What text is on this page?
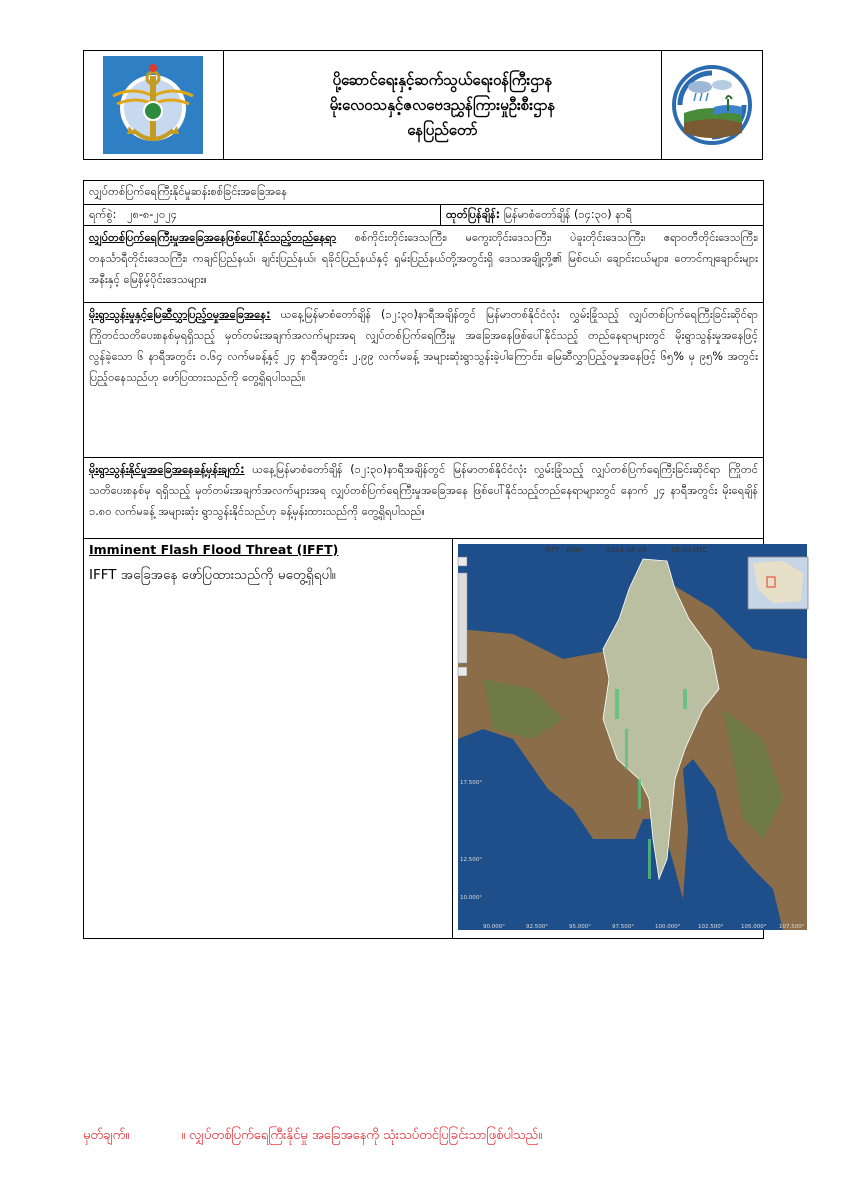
ပို့ဆောင်ရေးနှင့်ဆက်သွယ်ရေးဝန်ကြီးဌာန
မိုးလေဝသနှင့်ဇလဗေဒညွှန်ကြားမှုဦးစီးဌာန
နေပြည်တော်
လျှပ်တစ်ပြက်ရေကြီးနိုင်မှုဆန်းစစ်ခြင်းအခြေအနေ
ရက်စွဲ: ၂၈-၈-၂၀၂၄	ထုတ်ပြန်ချိန်: မြန်မာစံတော်ချိန် (၁၄:၃၀) နာရီ
လျှပ်တစ်ပြက်ရေကြီးမှုအခြေအနေဖြစ်ပေါ်နိုင်သည့်တည်နေရာ စစ်ကိုင်းတိုင်းဒေသကြီး၊ မကွေးတိုင်းဒေသကြီး၊ ပဲခူးတိုင်းဒေသကြီး၊ ဧရာဝတီတိုင်းဒေသကြီး၊ တနင်္သာရီတိုင်းဒေသကြီး၊ ကချင်ပြည်နယ်၊ ချင်းပြည်နယ်၊ ရခိုင်ပြည်နယ်နှင့် ရှမ်းပြည်နယ်တို့အတွင်းရှိ ဒေသအချို့တို့၏ မြစ်ငယ်၊ ချောင်းငယ်များ၊ တောင်ကျချောင်းများအနီးနှင့် မြေနိမ့်ပိုင်းဒေသများ။
မိုးရွာသွန်းမှုနှင့်မြေဆီလွှာပြည့်ဝမှုအခြေအနေ: ယနေ့မြန်မာစံတော်ချိန် (၁၂:၃၀)နာရီအချိန်တွင် မြန်မာတစ်နိုင်ငံလုံး လွှမ်းခြုံသည့် လျှပ်တစ်ပြက်ရေကြီးခြင်းဆိုင်ရာ ကြိုတင်သတိပေးစနစ်မှရရှိသည့် မှတ်တမ်းအချက်အလက်များအရ လျှပ်တစ်ပြက်ရေကြီးမှု အခြေအနေဖြစ်ပေါ်နိုင်သည့် တည်နေရာများတွင် မိုးရွာသွန်းမှုအနေဖြင့် လွန်ခဲ့သော ၆ နာရီအတွင်း ၀.၆၄ လက်မခန့်နှင့် ၂၄ နာရီအတွင်း ၂.၉၉ လက်မခန့် အများဆုံးရွာသွန်းခဲ့ပါကြောင်း၊ မြေဆီလွှာပြည့်ဝမှုအနေဖြင့် ၆၅% မှ ၉၅% အတွင်း ပြည့်ဝနေသည်ဟု ဖော်ပြထားသည်ကို တွေ့ရှိရပါသည်။
မိုးရွာသွန်းနိုင်မှုအခြေအနေခန့်မှန်းချက်: ယနေ့မြန်မာစံတော်ချိန် (၁၂:၃၀)နာရီအချိန်တွင် မြန်မာတစ်နိုင်ငံလုံး လွှမ်းခြုံသည့် လျှပ်တစ်ပြက်ရေကြီးခြင်းဆိုင်ရာ ကြိုတင်သတိပေးစနစ်မှ ရရှိသည့် မှတ်တမ်းအချက်အလက်များအရ လျှပ်တစ်ပြက်ရေကြီးမှုအခြေအနေ ဖြစ်ပေါ်နိုင်သည့်တည်နေရာများတွင် နောက် ၂၄ နာရီအတွင်း မိုးရေချိန် ၁.၈၀ လက်မခန့် အများဆုံး ရွာသွန်းနိုင်သည်ဟု ခန့်မှန်းထားသည်ကို တွေ့ရှိရပါသည်။
Imminent Flash Flood Threat (IFFT)
IFFT အခြေအနေ ဖော်ပြထားသည်ကို မတွေ့ရှိရပါ။
IFFT - 06hr	2024-08-28	06:00 UTC
17.500°
12.500°
10.000°
90.000°	92.500°	95.000°	97.500°	100.000°	102.500°	105.000° 107.500°
မှတ်ချက်။	။ လျှပ်တစ်ပြက်ရေကြီးနိုင်မှု အခြေအနေကို သုံးသပ်တင်ပြခြင်းသာဖြစ်ပါသည်။
